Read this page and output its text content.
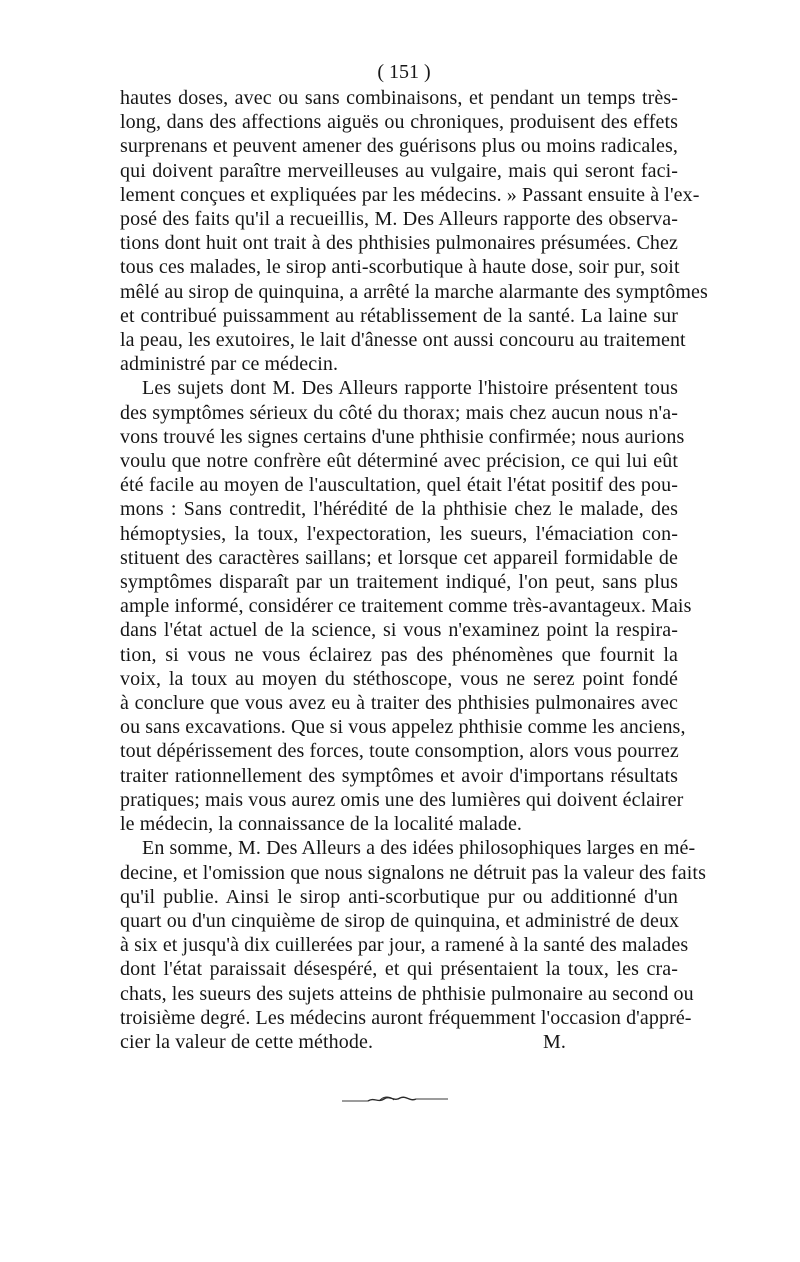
( 151 )
hautes doses, avec ou sans combinaisons, et pendant un temps très-
long, dans des affections aiguës ou chroniques, produisent des effets
surprenans et peuvent amener des guérisons plus ou moins radicales,
qui doivent paraître merveilleuses au vulgaire, mais qui seront faci-
lement conçues et expliquées par les médecins. » Passant ensuite à l'ex-
posé des faits qu'il a recueillis, M. Des Alleurs rapporte des observa-
tions dont huit ont trait à des phthisies pulmonaires présumées. Chez
tous ces malades, le sirop anti-scorbutique à haute dose, soir pur, soit
mêlé au sirop de quinquina, a arrêté la marche alarmante des symptômes
et contribué puissamment au rétablissement de la santé. La laine sur
la peau, les exutoires, le lait d'ânesse ont aussi concouru au traitement
administré par ce médecin.
Les sujets dont M. Des Alleurs rapporte l'histoire présentent tous
des symptômes sérieux du côté du thorax; mais chez aucun nous n'a-
vons trouvé les signes certains d'une phthisie confirmée; nous aurions
voulu que notre confrère eût déterminé avec précision, ce qui lui eût
été facile au moyen de l'auscultation, quel était l'état positif des pou-
mons : Sans contredit, l'hérédité de la phthisie chez le malade, des
hémoptysies, la toux, l'expectoration, les sueurs, l'émaciation con-
stituent des caractères saillans; et lorsque cet appareil formidable de
symptômes disparaît par un traitement indiqué, l'on peut, sans plus
ample informé, considérer ce traitement comme très-avantageux. Mais
dans l'état actuel de la science, si vous n'examinez point la respira-
tion, si vous ne vous éclairez pas des phénomènes que fournit la
voix, la toux au moyen du stéthoscope, vous ne serez point fondé
à conclure que vous avez eu à traiter des phthisies pulmonaires avec
ou sans excavations. Que si vous appelez phthisie comme les anciens,
tout dépérissement des forces, toute consomption, alors vous pourrez
traiter rationnellement des symptômes et avoir d'importans résultats
pratiques; mais vous aurez omis une des lumières qui doivent éclairer
le médecin, la connaissance de la localité malade.
En somme, M. Des Alleurs a des idées philosophiques larges en mé-
decine, et l'omission que nous signalons ne détruit pas la valeur des faits
qu'il publie. Ainsi le sirop anti-scorbutique pur ou additionné d'un
quart ou d'un cinquième de sirop de quinquina, et administré de deux
à six et jusqu'à dix cuillerées par jour, a ramené à la santé des malades
dont l'état paraissait désespéré, et qui présentaient la toux, les cra-
chats, les sueurs des sujets atteins de phthisie pulmonaire au second ou
troisième degré. Les médecins auront fréquemment l'occasion d'appré-
cier la valeur de cette méthode.	M.
